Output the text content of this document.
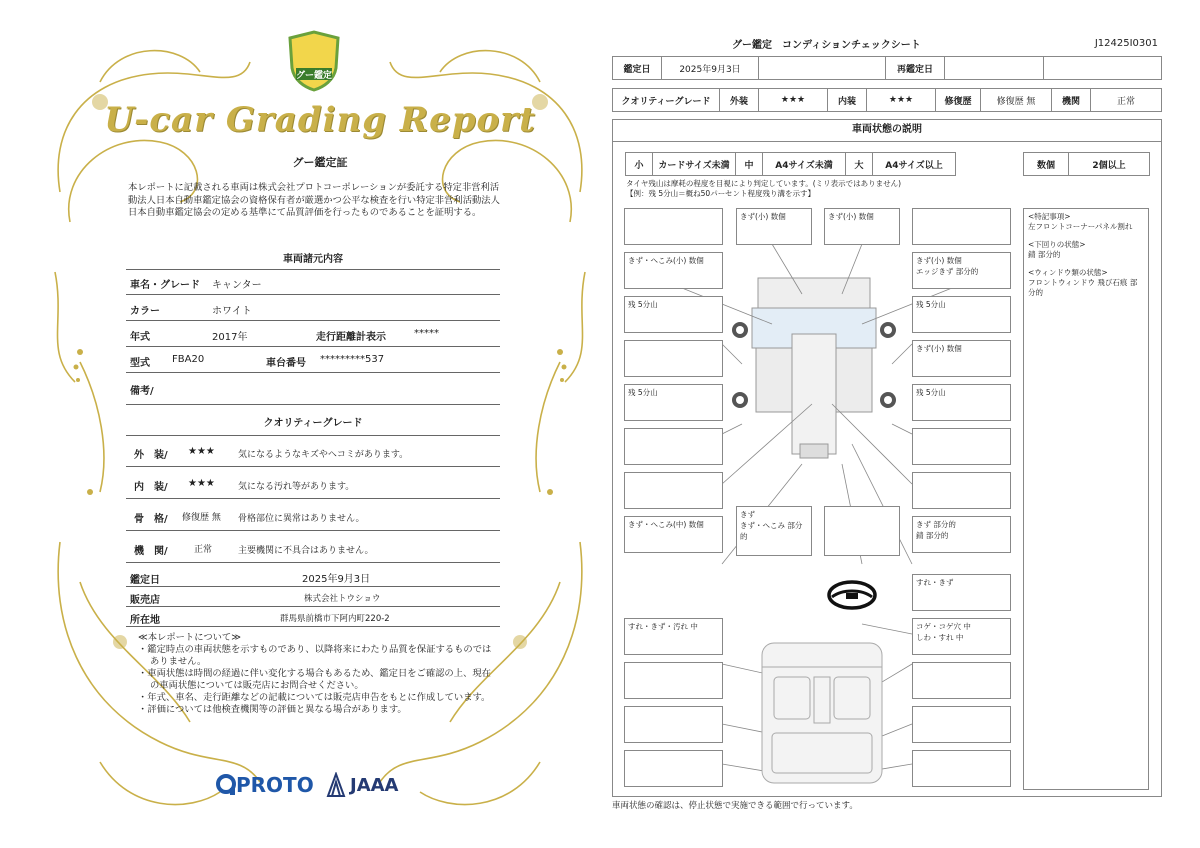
グー鑑定
U-car Grading Report
グー鑑定証
本レポートに記載される車両は株式会社プロトコーポレーションが委託する特定非営利活動法人日本自動車鑑定協会の資格保有者が厳選かつ公平な検査を行い特定非営利活動法人日本自動車鑑定協会の定める基準にて品質評価を行ったものであることを証明する。
車両諸元内容
車名・グレード キャンター
カラー	ホワイト
年式	2017年	走行距離計表示	*****
型式 FBA20	車台番号 *********537
備考/
クオリティーグレード
外　装/ ★★★	気になるようなキズやヘコミがあります。
内　装/ ★★★	気になる汚れ等があります。
骨　格/ 修復歴 無 骨格部位に異常はありません。
機　関/	正常	主要機関に不具合はありません。
鑑定日	2025年9月3日
販売店	株式会社トウショウ
所在地	群馬県前橋市下阿内町220-2
≪本レポートについて≫
・鑑定時点の車両状態を示すものであり、以降将来にわたり品質を保証するものではありません。
・車両状態は時間の経過に伴い変化する場合もあるため、鑑定日をご確認の上、現在の車両状態については販売店にお問合せください。
・年式、車名、走行距離などの記載については販売店申告をもとに作成しています。
・評価については他検査機関等の評価と異なる場合があります。
PROTO JAAA
グー鑑定　コンディションチェックシート	J12425I0301
鑑定日	2025年9月3日		再鑑定日		
クオリティーグレード	外装	★★★	内装	★★★	修復歴	修復歴 無	機関	正常
車両状態の説明
小	カードサイズ未満	中	A4サイズ未満	大	A4サイズ以上	数個	2個以上
タイヤ残山は摩耗の程度を目視により判定しています。(ミリ表示ではありません)
【例：残 5分山＝概ね50パーセント程度残り溝を示す】
きず・へこみ(小) 数個
残 5分山
残 5分山
きず・へこみ(中) 数個
すれ・きず・汚れ 中
きず(小) 数個	きず(小) 数個
きず
きず・へこみ 部分的
きず(小) 数個
エッジきず 部分的
残 5分山
きず(小) 数個
残 5分山
きず 部分的
錆 部分的
すれ・きず
コゲ・コゲ穴 中
しわ・すれ 中
<特記事項>
左フロントコーナーパネル割れ
<下回りの状態>
錆 部分的
<ウィンドウ類の状態>
フロントウィンドウ 飛び石痕 部分的
車両状態の確認は、停止状態で実施できる範囲で行っています。
